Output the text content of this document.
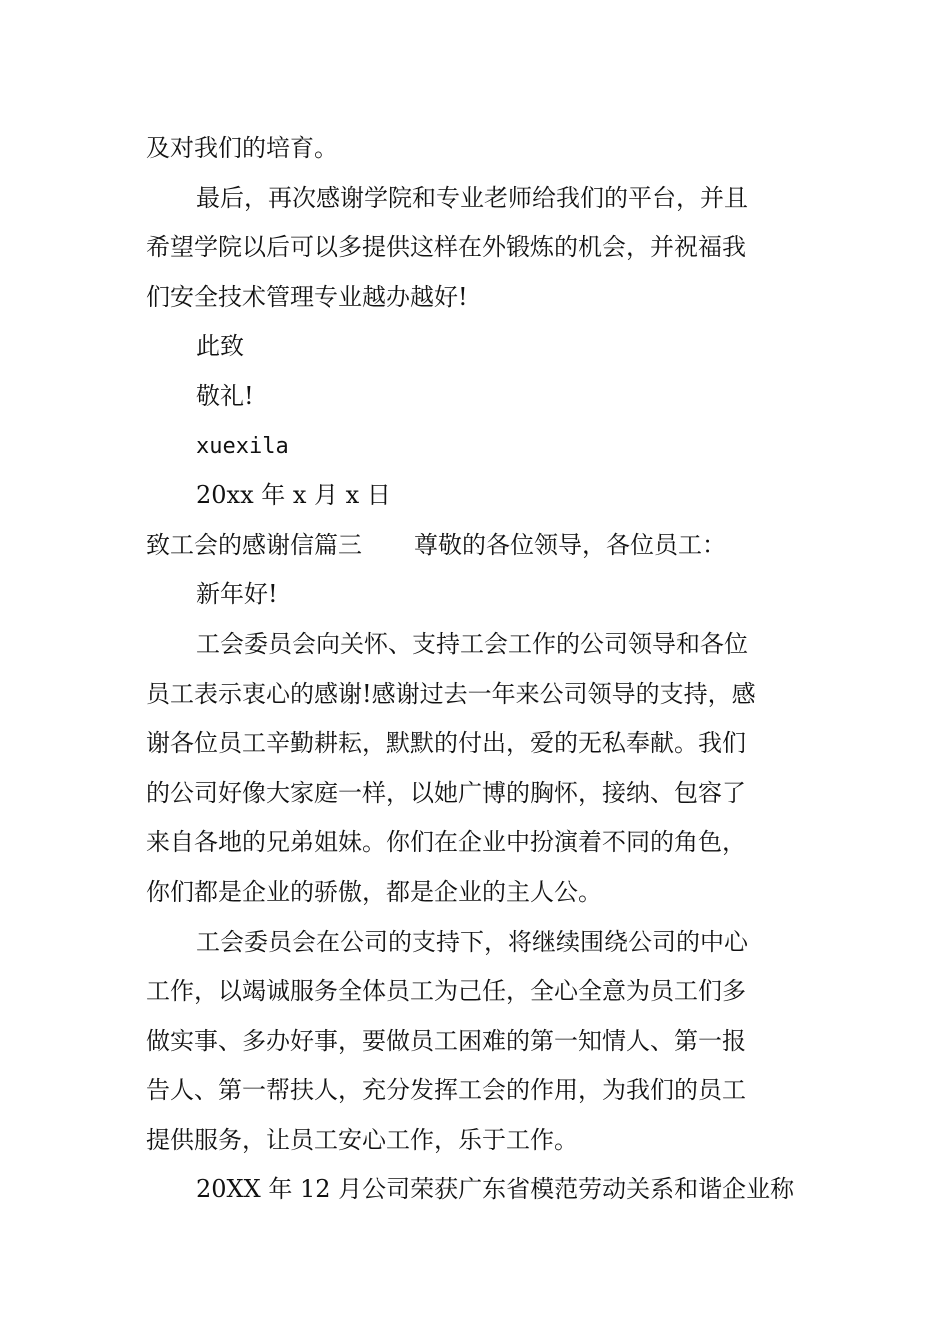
及对我们的培育。
最后，再次感谢学院和专业老师给我们的平台，并且
希望学院以后可以多提供这样在外锻炼的机会，并祝福我
们安全技术管理专业越办越好!
此致
敬礼!
xuexila
20xx 年 x 月 x 日
致工会的感谢信篇三 尊敬的各位领导，各位员工：
新年好!
工会委员会向关怀、支持工会工作的公司领导和各位
员工表示衷心的感谢!感谢过去一年来公司领导的支持，感
谢各位员工辛勤耕耘，默默的付出，爱的无私奉献。我们
的公司好像大家庭一样，以她广博的胸怀，接纳、包容了
来自各地的兄弟姐妹。你们在企业中扮演着不同的角色，
你们都是企业的骄傲，都是企业的主人公。
工会委员会在公司的支持下，将继续围绕公司的中心
工作，以竭诚服务全体员工为己任，全心全意为员工们多
做实事、多办好事，要做员工困难的第一知情人、第一报
告人、第一帮扶人，充分发挥工会的作用，为我们的员工
提供服务，让员工安心工作，乐于工作。
20XX 年 12 月公司荣获广东省模范劳动关系和谐企业称
